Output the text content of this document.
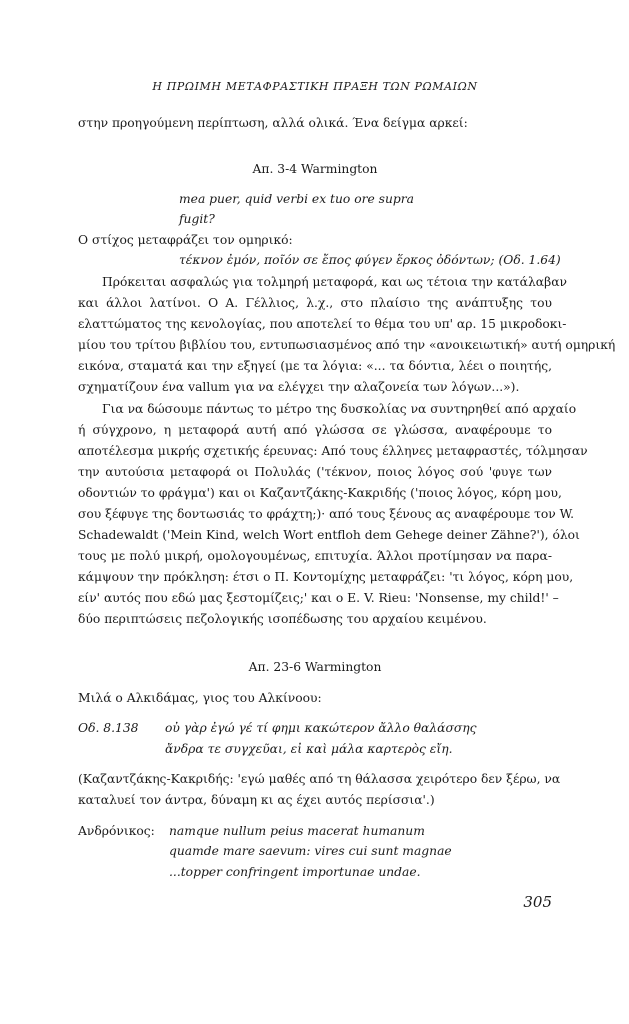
Η ΠΡΩΙΜΗ ΜΕΤΑΦΡΑΣΤΙΚΗ ΠΡΑΞΗ ΤΩΝ ΡΩΜΑΙΩΝ
στην προηγούμενη περίπτωση, αλλά ολικά. Ένα δείγμα αρκεί:
Απ. 3-4 Warmington
mea puer, quid verbi ex tuo ore supra
fugit?
Ο στίχος μεταφράζει τον ομηρικό:
τέκνον ἐμόν, ποῖόν σε ἔπος φύγεν ἕρκος ὀδόντων; (Οδ. 1.64)
Πρόκειται ασφαλώς για τολμηρή μεταφορά, και ως τέτοια την κατάλαβαν
και άλλοι λατίνοι. Ο Α. Γέλλιος, λ.χ., στο πλαίσιο της ανάπτυξης του
ελαττώματος της κενολογίας, που αποτελεί το θέμα του υπ' αρ. 15 μικροδοκι-
μίου του τρίτου βιβλίου του, εντυπωσιασμένος από την «ανοικειωτική» αυτή ομηρική
εικόνα, σταματά και την εξηγεί (με τα λόγια: «... τα δόντια, λέει ο ποιητής,
σχηματίζουν ένα vallum για να ελέγχει την αλαζονεία των λόγων...»).
Για να δώσουμε πάντως το μέτρο της δυσκολίας να συντηρηθεί από αρχαίο
ή σύγχρονο, η μεταφορά αυτή από γλώσσα σε γλώσσα, αναφέρουμε το
αποτέλεσμα μικρής σχετικής έρευνας: Από τους έλληνες μεταφραστές, τόλμησαν
την αυτούσια μεταφορά οι Πολυλάς ('τέκνον, ποιος λόγος σού 'φυγε των
οδοντιών το φράγμα') και οι Καζαντζάκης-Κακριδής ('ποιος λόγος, κόρη μου,
σου ξέφυγε της δοντωσιάς το φράχτη;)· από τους ξένους ας αναφέρουμε τον W.
Schadewaldt ('Mein Kind, welch Wort entfloh dem Gehege deiner Zähne?'), όλοι
τους με πολύ μικρή, ομολογουμένως, επιτυχία. Άλλοι προτίμησαν να παρα-
κάμψουν την πρόκληση: έτσι ο Π. Κοντομίχης μεταφράζει: 'τι λόγος, κόρη μου,
είν' αυτός που εδώ μας ξεστομίζεις;' και ο E. V. Rieu: 'Nonsense, my child!' –
δύο περιπτώσεις πεζολογικής ισοπέδωσης του αρχαίου κειμένου.
Απ. 23-6 Warmington
Μιλά ο Αλκιδάμας, γιος του Αλκίνοου:
Οδ. 8.138 οὐ γὰρ ἐγώ γέ τί φημι κακώτερον ἄλλο θαλάσσης
ἄνδρα τε συγχεῦαι, εἰ καὶ μάλα καρτερὸς εἴη.
(Καζαντζάκης-Κακριδής: 'εγώ μαθές από τη θάλασσα χειρότερο δεν ξέρω, να
καταλυεί τον άντρα, δύναμη κι ας έχει αυτός περίσσια'.)
Ανδρόνικος: namque nullum peius macerat humanum
quamde mare saevum: vires cui sunt magnae
...topper confringent importunae undae.
305
